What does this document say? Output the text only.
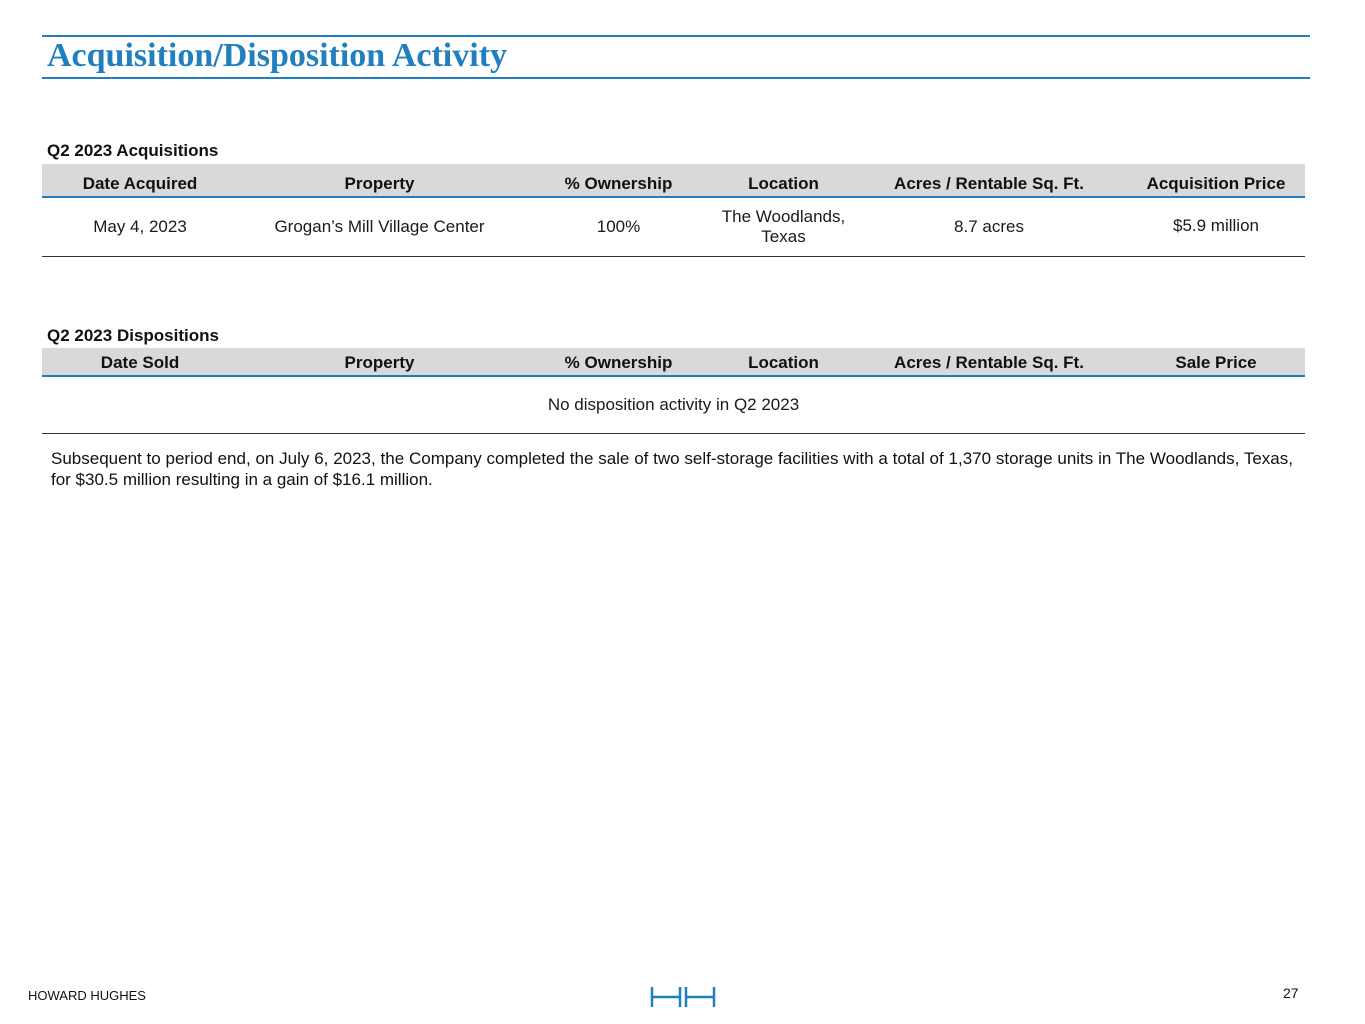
Acquisition/Disposition Activity
Q2 2023 Acquisitions
Date Acquired	Property	% Ownership	Location	Acres / Rentable Sq. Ft.	Acquisition Price
May 4, 2023	Grogan’s Mill Village Center	100%	The Woodlands, Texas	8.7 acres	$5.9 million
Q2 2023 Dispositions
Date Sold	Property	% Ownership	Location	Acres / Rentable Sq. Ft.	Sale Price
No disposition activity in Q2 2023
Subsequent to period end, on July 6, 2023, the Company completed the sale of two self-storage facilities with a total of 1,370 storage units in The Woodlands, Texas, for $30.5 million resulting in a gain of $16.1 million.
HOWARD HUGHES	27
